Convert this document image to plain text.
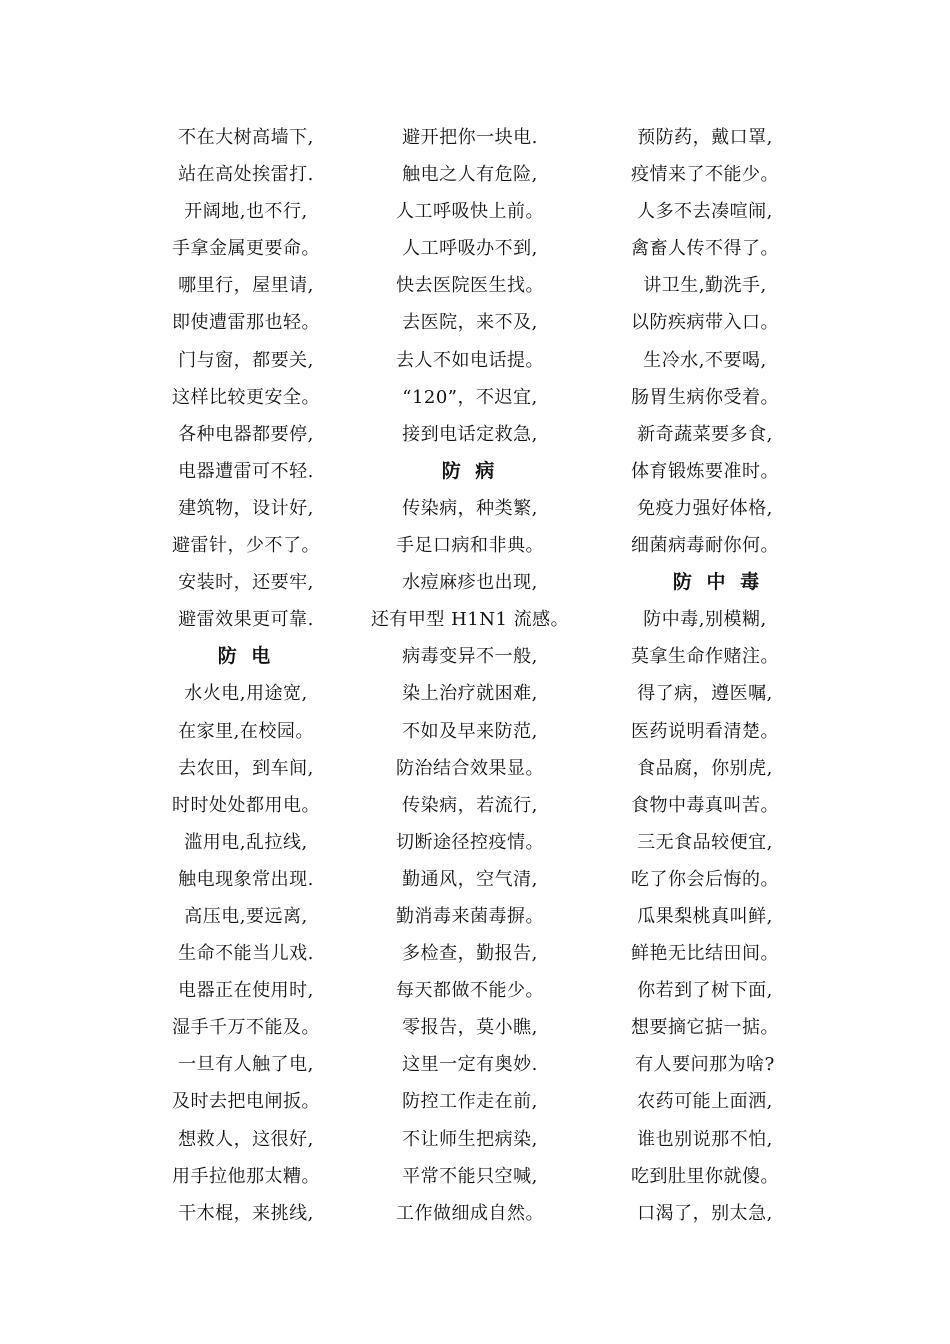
不在大树高墙下,
站在高处挨雷打.
开阔地,也不行,
手拿金属更要命。
哪里行，屋里请,
即使遭雷那也轻。
门与窗，都要关,
这样比较更安全。
各种电器都要停,
电器遭雷可不轻.
建筑物，设计好,
避雷针，少不了。
安装时，还要牢,
避雷效果更可靠.
防 电
水火电,用途宽,
在家里,在校园。
去农田，到车间,
时时处处都用电。
滥用电,乱拉线,
触电现象常出现.
高压电,要远离,
生命不能当儿戏.
电器正在使用时,
湿手千万不能及。
一旦有人触了电,
及时去把电闸扳。
想救人，这很好,
用手拉他那太糟。
干木棍，来挑线,
避开把你一块电.
触电之人有危险,
人工呼吸快上前。
人工呼吸办不到,
快去医院医生找。
去医院，来不及,
去人不如电话提。
“120”，不迟宜,
接到电话定救急,
防 病
传染病，种类繁,
手足口病和非典。
水痘麻疹也出现,
还有甲型 H1N1 流感。
病毒变异不一般,
染上治疗就困难,
不如及早来防范,
防治结合效果显。
传染病，若流行,
切断途径控疫情。
勤通风，空气清,
勤消毒来菌毒摒。
多检查，勤报告,
每天都做不能少。
零报告，莫小瞧,
这里一定有奥妙.
防控工作走在前,
不让师生把病染,
平常不能只空喊,
工作做细成自然。
预防药，戴口罩,
疫情来了不能少。
人多不去凑喧闹,
禽畜人传不得了。
讲卫生,勤洗手,
以防疾病带入口。
生冷水,不要喝,
肠胃生病你受着。
新奇蔬菜要多食,
体育锻炼要准时。
免疫力强好体格,
细菌病毒耐你何。
防 中 毒
防中毒,别模糊,
莫拿生命作赌注。
得了病，遵医嘱,
医药说明看清楚。
食品腐，你别虎,
食物中毒真叫苦。
三无食品较便宜,
吃了你会后悔的。
瓜果梨桃真叫鲜,
鲜艳无比结田间。
你若到了树下面,
想要摘它掂一掂。
有人要问那为啥?
农药可能上面洒,
谁也别说那不怕,
吃到肚里你就傻。
口渴了，别太急,
